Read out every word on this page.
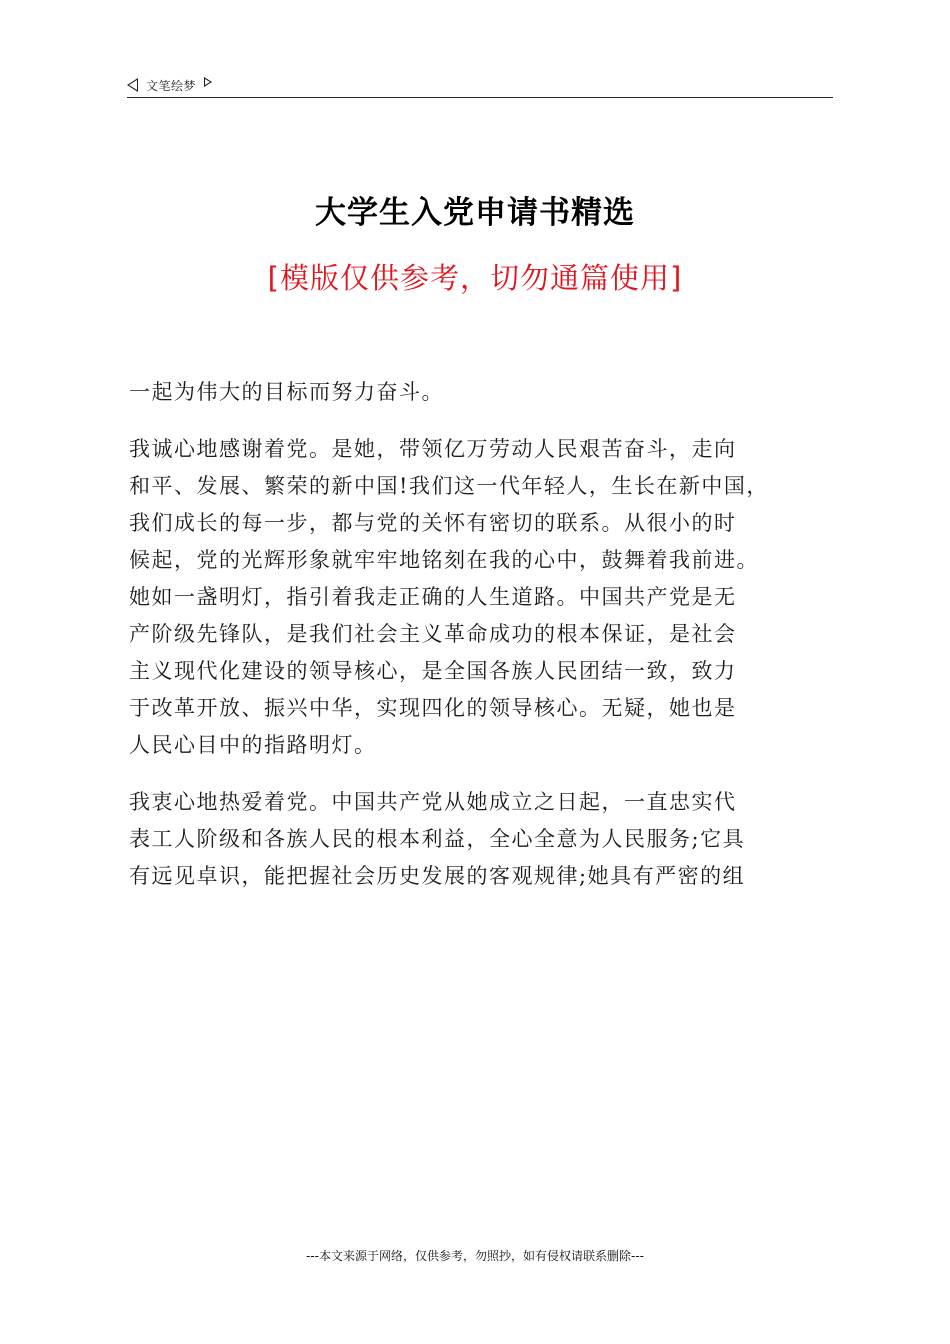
文笔绘梦
大学生入党申请书精选
[模版仅供参考，切勿通篇使用]
一起为伟大的目标而努力奋斗。
我诚心地感谢着党。是她，带领亿万劳动人民艰苦奋斗，走向
和平、发展、繁荣的新中国!我们这一代年轻人，生长在新中国，
我们成长的每一步，都与党的关怀有密切的联系。从很小的时
候起，党的光辉形象就牢牢地铭刻在我的心中，鼓舞着我前进。
她如一盏明灯，指引着我走正确的人生道路。中国共产党是无
产阶级先锋队，是我们社会主义革命成功的根本保证，是社会
主义现代化建设的领导核心，是全国各族人民团结一致，致力
于改革开放、振兴中华，实现四化的领导核心。无疑，她也是
人民心目中的指路明灯。
我衷心地热爱着党。中国共产党从她成立之日起，一直忠实代
表工人阶级和各族人民的根本利益，全心全意为人民服务;它具
有远见卓识，能把握社会历史发展的客观规律;她具有严密的组
---本文来源于网络，仅供参考，勿照抄，如有侵权请联系删除---
